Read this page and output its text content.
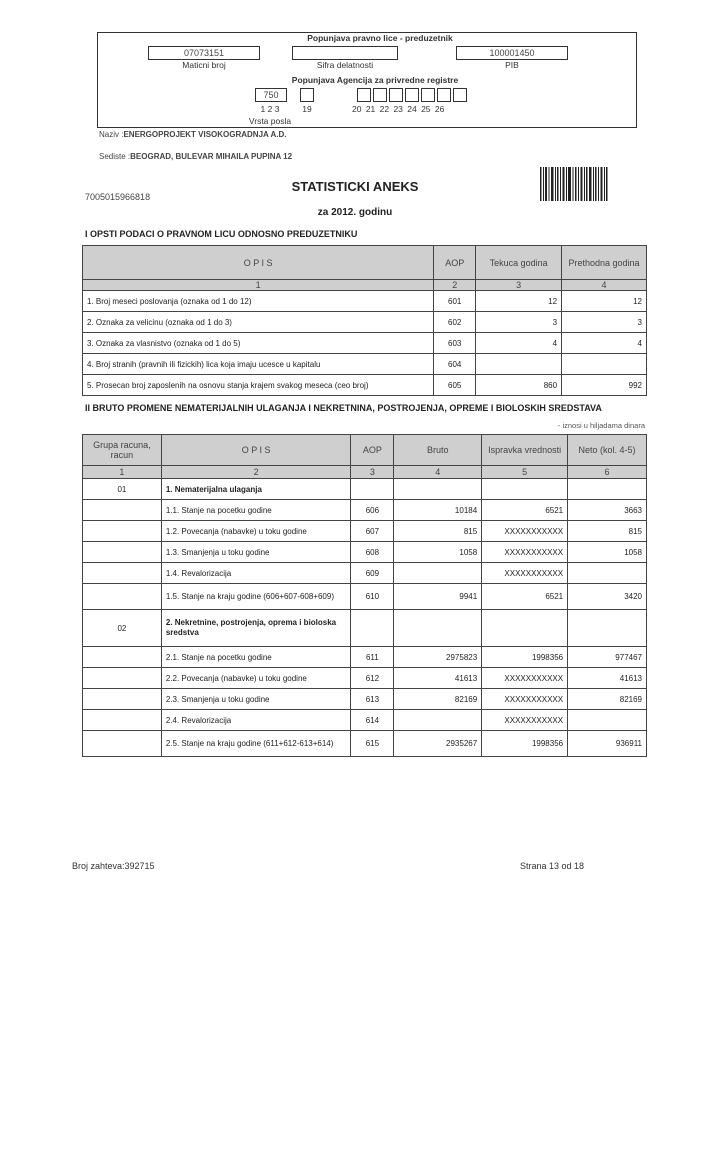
Popunjava pravno lice - preduzetnik
07073151
Maticni broj	Sifra delatnosti
100001450
PIB
Popunjava Agencija za privredne registre
750
1 2 3
Vrsta posla
19	20 21 22 23 24 25 26
Naziv :ENERGOPROJEKT VISOKOGRADNJA A.D.
Sediste :BEOGRAD, BULEVAR MIHAILA PUPINA 12
7005015966818
STATISTICKI ANEKS
za 2012. godinu
I OPSTI PODACI O PRAVNOM LICU ODNOSNO PREDUZETNIKU
O P I S	AOP	Tekuca godina	Prethodna godina
1	2	3	4
1. Broj meseci poslovanja (oznaka od 1 do 12)	601	12	12
2. Oznaka za velicinu (oznaka od 1 do 3)	602	3	3
3. Oznaka za vlasnistvo (oznaka od 1 do 5)	603	4	4
4. Broj stranih (pravnih ili fizickih) lica koja imaju ucesce u kapitalu	604		
5. Prosecan broj zaposlenih na osnovu stanja krajem svakog meseca (ceo broj)	605	860	992
II BRUTO PROMENE NEMATERIJALNIH ULAGANJA I NEKRETNINA, POSTROJENJA, OPREME I BIOLOSKIH SREDSTAVA
- iznosi u hiljadama dinara
Grupa racuna, racun	O P I S	AOP	Bruto	Ispravka vrednosti	Neto (kol. 4-5)
1	2	3	4	5	6
01	1. Nematerijalna ulaganja				
	1.1. Stanje na pocetku godine	606	10184	6521	3663
	1.2. Povecanja (nabavke) u toku godine	607	815	XXXXXXXXXXX	815
	1.3. Smanjenja u toku godine	608	1058	XXXXXXXXXXX	1058
	1.4. Revalorizacija	609		XXXXXXXXXXX	
	1.5. Stanje na kraju godine (606+607-608+609)	610	9941	6521	3420
02	2. Nekretnine, postrojenja, oprema i bioloska sredstva				
	2.1. Stanje na pocetku godine	611	2975823	1998356	977467
	2.2. Povecanja (nabavke) u toku godine	612	41613	XXXXXXXXXXX	41613
	2.3. Smanjenja u toku godine	613	82169	XXXXXXXXXXX	82169
	2.4. Revalorizacija	614		XXXXXXXXXXX	
	2.5. Stanje na kraju godine (611+612-613+614)	615	2935267	1998356	936911
Broj zahteva:392715	Strana 13 od 18
